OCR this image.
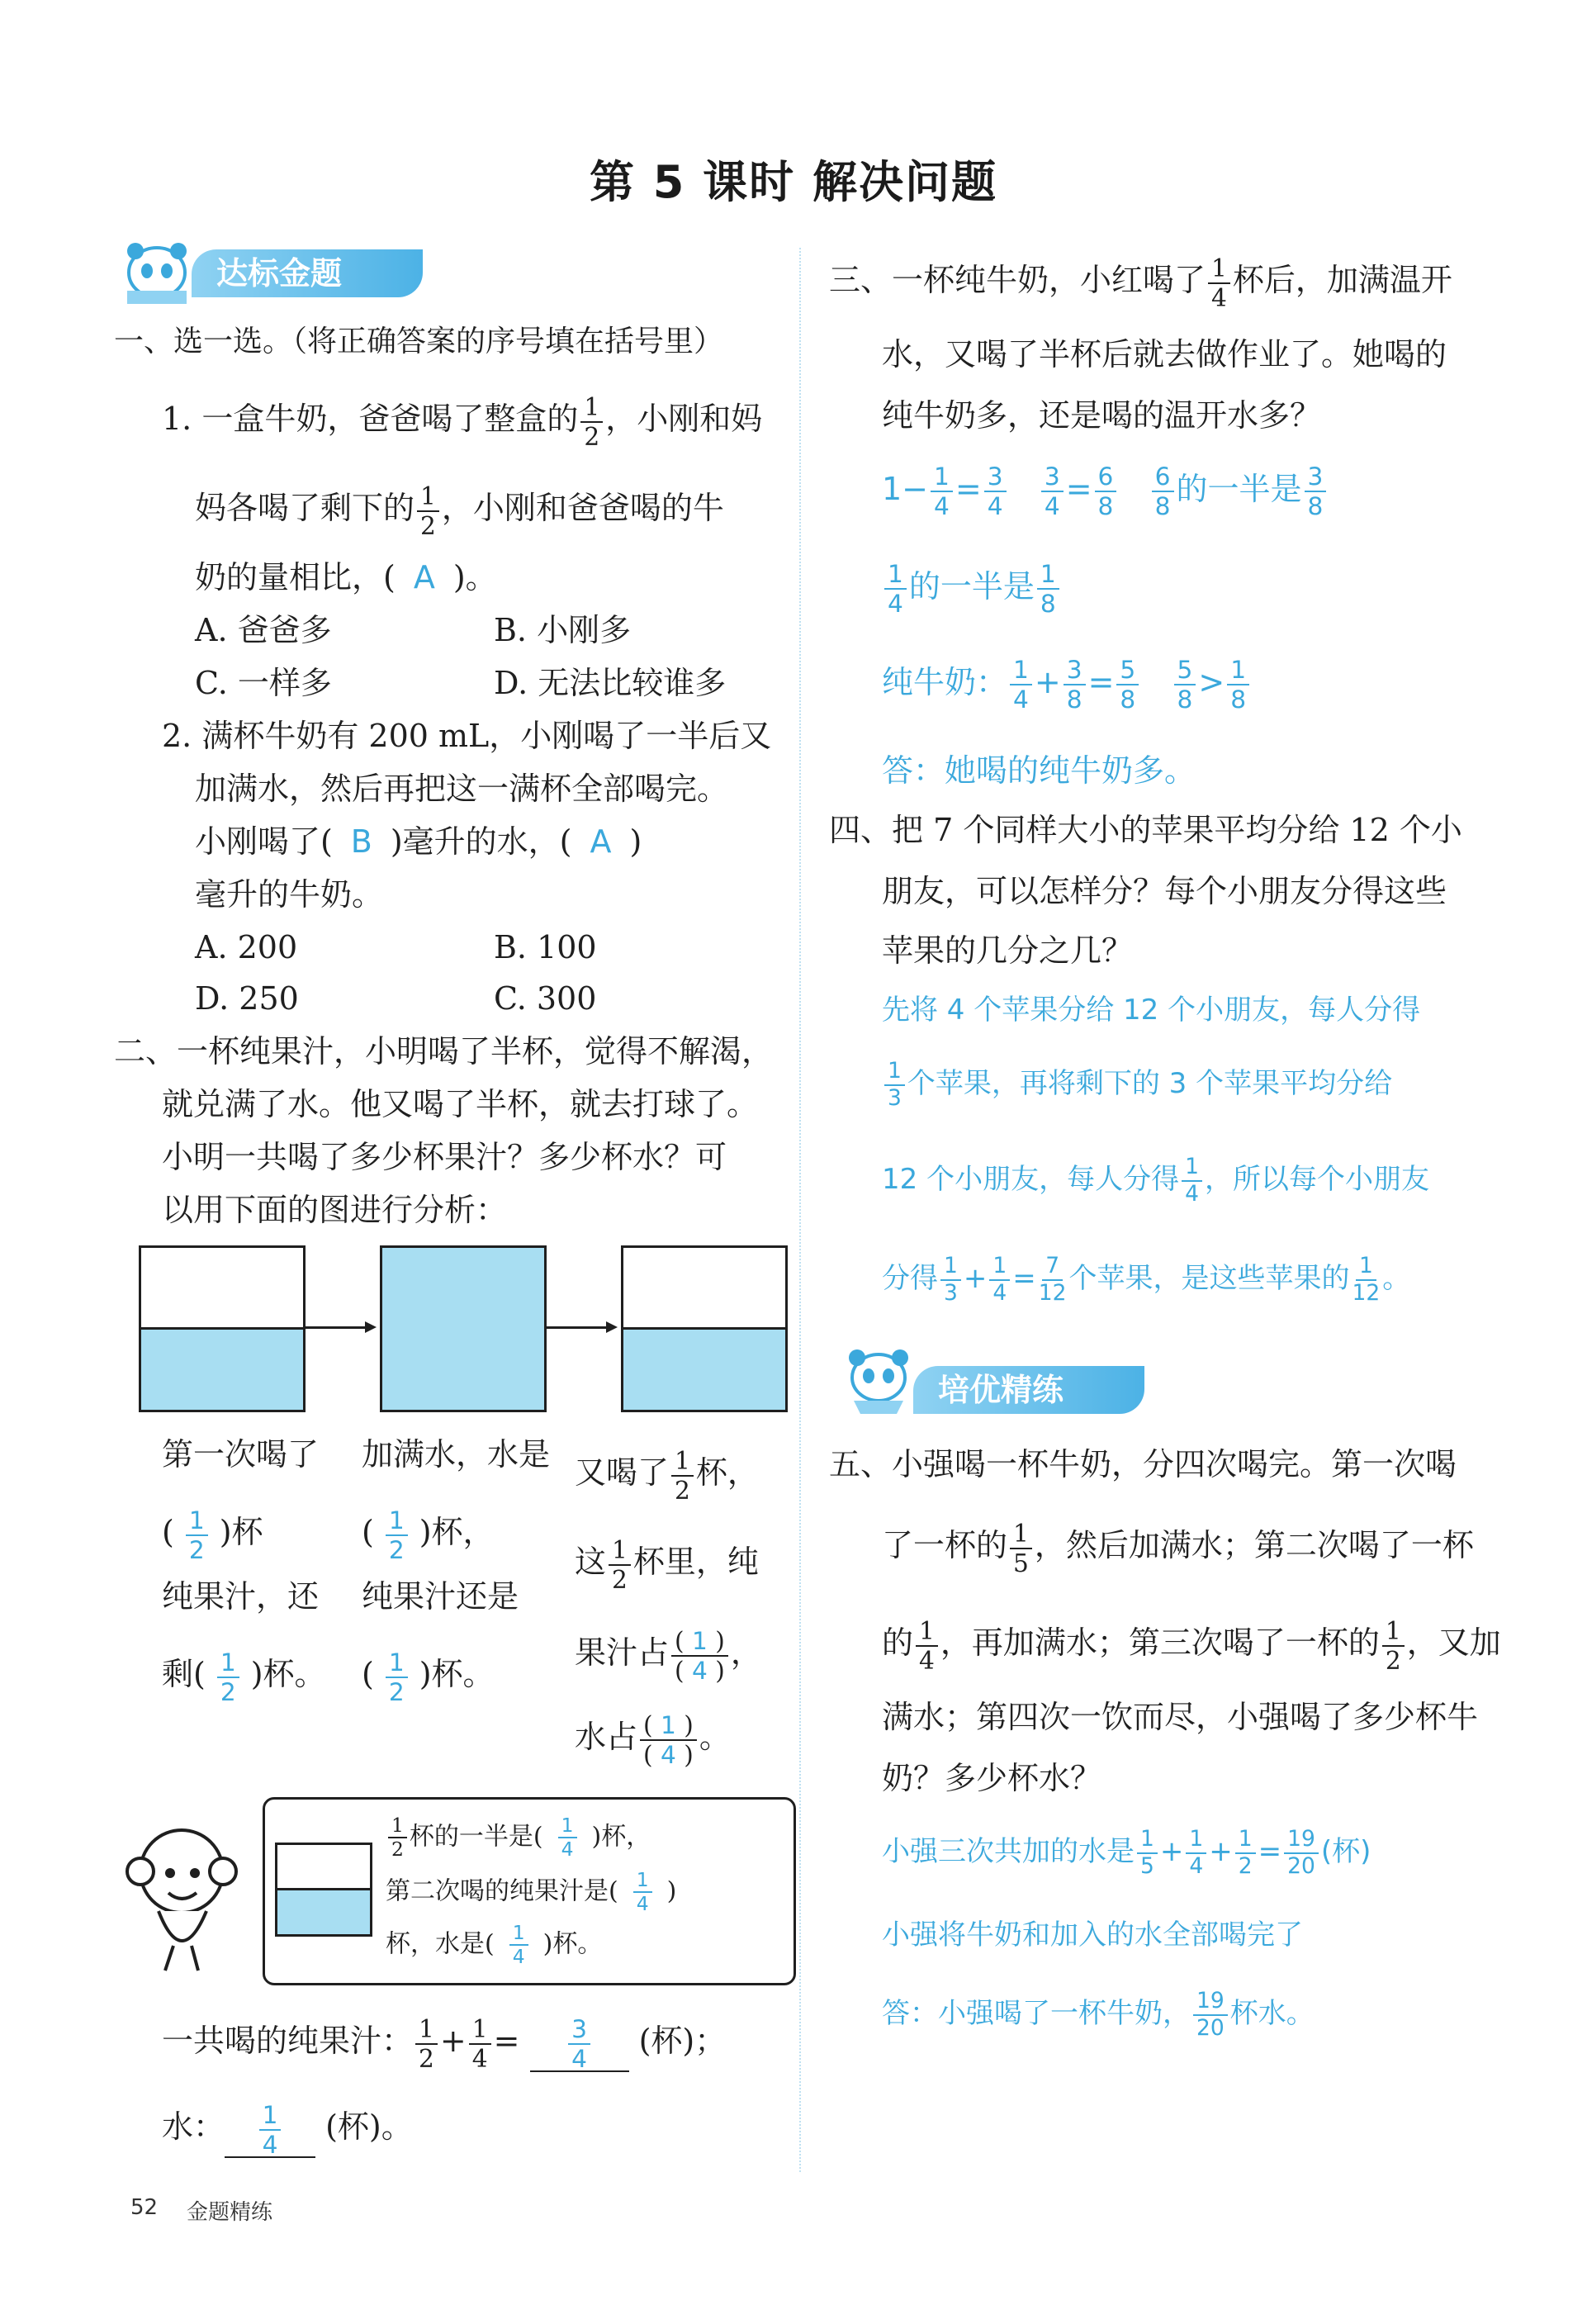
第 5 课时 解决问题
达标金题
一、选一选。（将正确答案的序号填在括号里）
1. 一盒牛奶，爸爸喝了整盒的 $\frac{1}{2}$ ，小刚和妈
妈各喝了剩下的 $\frac{1}{2}$ ，小刚和爸爸喝的牛
奶的量相比，( A )。
A. 爸爸多	B. 小刚多
C. 一样多	D. 无法比较谁多
2. 满杯牛奶有 200 mL，小刚喝了一半后又
加满水，然后再把这一满杯全部喝完。
小刚喝了( B )毫升的水，( A )
毫升的牛奶。
A. 200	B. 100
D. 250	C. 300
二、一杯纯果汁，小明喝了半杯，觉得不解渴，
就兑满了水。他又喝了半杯，就去打球了。
小明一共喝了多少杯果汁？多少杯水？可
以用下面的图进行分析：
第一次喝了
( $\frac{1}{2}$ )杯
纯果汁，还
剩( $\frac{1}{2}$ )杯。
加满水，水是
( $\frac{1}{2}$ )杯，
纯果汁还是
( $\frac{1}{2}$ )杯。
又喝了 $\frac{1}{2}$ 杯，
这 $\frac{1}{2}$ 杯里，纯
果汁占 $\frac{( 1 )}{( 4 )}$ ，
水占 $\frac{( 1 )}{( 4 )}$ 。
$\frac{1}{2}$ 杯的一半是( $\frac{1}{4}$ )杯，
第二次喝的纯果汁是( $\frac{1}{4}$ )
杯，水是( $\frac{1}{4}$ )杯。
一共喝的纯果汁： $\frac{1}{2} + \frac{1}{4} = \frac{3}{4}$ (杯)；
水： $\frac{1}{4}$ (杯)。
三、一杯纯牛奶，小红喝了 $\frac{1}{4}$ 杯后，加满温开
水，又喝了半杯后就去做作业了。她喝的
纯牛奶多，还是喝的温开水多？
$1- \frac{1}{4} = \frac{3}{4}$
$\frac{3}{4} = \frac{6}{8}$
$\frac{6}{8}$ 的一半是 $\frac{3}{8}$
$\frac{1}{4}$ 的一半是 $\frac{1}{8}$
纯牛奶： $\frac{1}{4} + \frac{3}{8} = \frac{5}{8}$
$\frac{5}{8} > \frac{1}{8}$
答：她喝的纯牛奶多。
四、把 7 个同样大小的苹果平均分给 12 个小
朋友，可以怎样分？每个小朋友分得这些
苹果的几分之几？
先将 4 个苹果分给 12 个小朋友，每人分得
$\frac{1}{3}$ 个苹果，再将剩下的 3 个苹果平均分给
12 个小朋友，每人分得 $\frac{1}{4}$ ，所以每个小朋友
分得 $\frac{1}{3} + \frac{1}{4} = \frac{7}{12}$ 个苹果，是这些苹果的 $\frac{1}{12}$ 。
培优精练
五、小强喝一杯牛奶，分四次喝完。第一次喝
了一杯的 $\frac{1}{5}$ ，然后加满水；第二次喝了一杯
的 $\frac{1}{4}$ ，再加满水；第三次喝了一杯的 $\frac{1}{2}$ ，又加
满水；第四次一饮而尽，小强喝了多少杯牛
奶？多少杯水？
小强三次共加的水是 $\frac{1}{5} + \frac{1}{4} + \frac{1}{2} = \frac{19}{20}$ (杯)
小强将牛奶和加入的水全部喝完了
答：小强喝了一杯牛奶， $\frac{19}{20}$ 杯水。
52 金题精练
